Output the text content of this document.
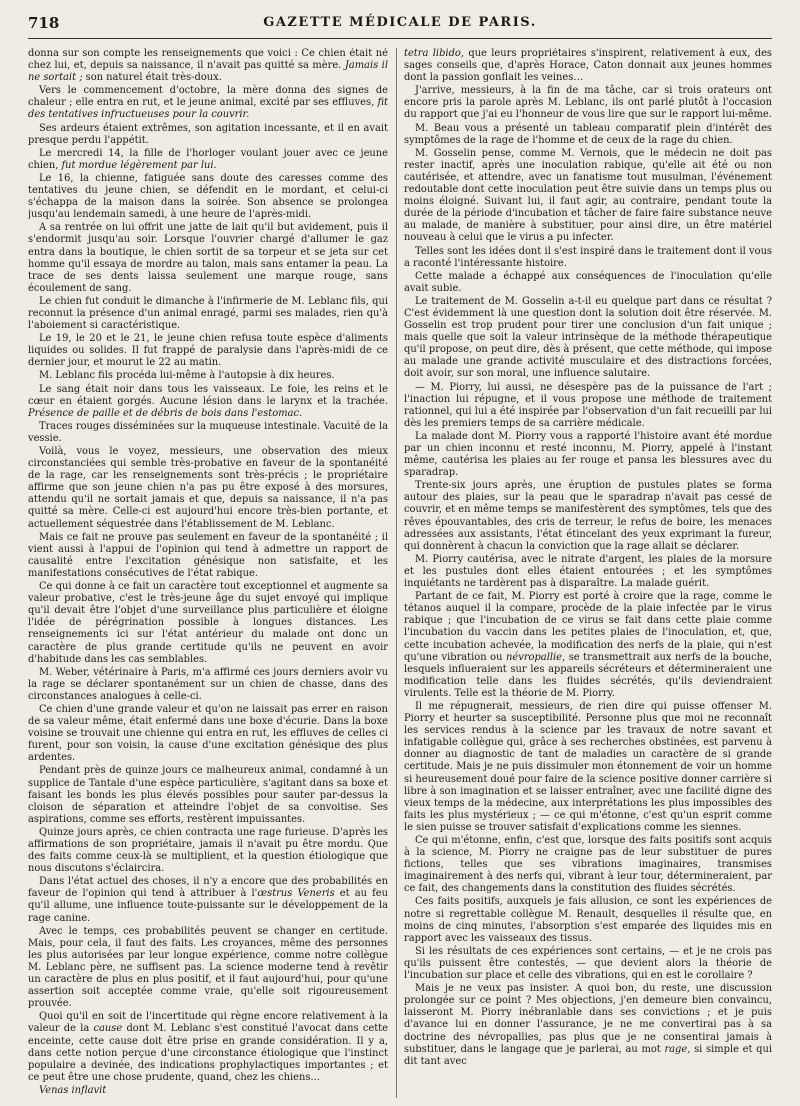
718	GAZETTE MÉDICALE DE PARIS.

donna sur son compte les renseignements que voici : Ce chien était né chez lui, et, depuis sa naissance, il n'avait pas quitté sa mère. Jamais il ne sortait ; son naturel était très-doux.

Vers le commencement d'octobre, la mère donna des signes de chaleur ; elle entra en rut, et le jeune animal, excité par ses effluves, fit des tentatives infructueuses pour la couvrir.

Ses ardeurs étaient extrêmes, son agitation incessante, et il en avait presque perdu l'appétit.

Le mercredi 14, la fille de l'horloger voulant jouer avec ce jeune chien, fut mordue légèrement par lui.

Le 16, la chienne, fatiguée sans doute des caresses comme des tentatives du jeune chien, se défendit en le mordant, et celui-ci s'échappa de la maison dans la soirée. Son absence se prolongea jusqu'au lendemain samedi, à une heure de l'après-midi.

A sa rentrée on lui offrit une jatte de lait qu'il but avidement, puis il s'endormit jusqu'au soir. Lorsque l'ouvrier chargé d'allumer le gaz entra dans la boutique, le chien sortit de sa torpeur et se jeta sur cet homme qu'il essaya de mordre au talon, mais sans entamer la peau. La trace de ses dents laissa seulement une marque rouge, sans écoulement de sang.

Le chien fut conduit le dimanche à l'infirmerie de M. Leblanc fils, qui reconnut la présence d'un animal enragé, parmi ses malades, rien qu'à l'aboiement si caractéristique.

Le 19, le 20 et le 21, le jeune chien refusa toute espèce d'aliments liquides ou solides. Il fut frappé de paralysie dans l'après-midi de ce dernier jour, et mourut le 22 au matin.

M. Leblanc fils procéda lui-même à l'autopsie à dix heures.

Le sang était noir dans tous les vaisseaux. Le foie, les reins et le cœur en étaient gorgés. Aucune lésion dans le larynx et la trachée. Présence de paille et de débris de bois dans l'estomac.

Traces rouges disséminées sur la muqueuse intestinale. Vacuité de la vessie.

Voilà, vous le voyez, messieurs, une observation des mieux circonstanciées qui semble très-probative en faveur de la spontanéité de la rage, car les renseignements sont très-précis ; le propriétaire affirme que son jeune chien n'a pas pu être exposé à des morsures, attendu qu'il ne sortait jamais et que, depuis sa naissance, il n'a pas quitté sa mère. Celle-ci est aujourd'hui encore très-bien portante, et actuellement séquestrée dans l'établissement de M. Leblanc.

Mais ce fait ne prouve pas seulement en faveur de la spontanéité ; il vient aussi à l'appui de l'opinion qui tend à admettre un rapport de causalité entre l'excitation génésique non satisfaite, et les manifestations consécutives de l'état rabique.

Ce qui donne à ce fait un caractère tout exceptionnel et augmente sa valeur probative, c'est le très-jeune âge du sujet envoyé qui implique qu'il devait être l'objet d'une surveillance plus particulière et éloigne l'idée de pérégrination possible à longues distances. Les renseignements ici sur l'état antérieur du malade ont donc un caractère de plus grande certitude qu'ils ne peuvent en avoir d'habitude dans les cas semblables.

M. Weber, vétérinaire à Paris, m'a affirmé ces jours derniers avoir vu la rage se déclarer spontanément sur un chien de chasse, dans des circonstances analogues à celle-ci.

Ce chien d'une grande valeur et qu'on ne laissait pas errer en raison de sa valeur même, était enfermé dans une boxe d'écurie. Dans la boxe voisine se trouvait une chienne qui entra en rut, les effluves de celles ci furent, pour son voisin, la cause d'une excitation génésique des plus ardentes.

Pendant près de quinze jours ce malheureux animal, condamné à un supplice de Tantale d'une espèce particulière, s'agitant dans sa boxe et faisant les bonds les plus élevés possibles pour sauter par-dessus la cloison de séparation et atteindre l'objet de sa convoitise. Ses aspirations, comme ses efforts, restèrent impuissantes.

Quinze jours après, ce chien contracta une rage furieuse. D'après les affirmations de son propriétaire, jamais il n'avait pu être mordu. Que des faits comme ceux-là se multiplient, et la question étiologique que nous discutons s'éclaircira.

Dans l'état actuel des choses, il n'y a encore que des probabilités en faveur de l'opinion qui tend à attribuer à l'œstrus Veneris et au feu qu'il allume, une influence toute-puissante sur le développement de la rage canine.

Avec le temps, ces probabilités peuvent se changer en certitude. Mais, pour cela, il faut des faits. Les croyances, même des personnes les plus autorisées par leur longue expérience, comme notre collègue M. Leblanc père, ne suffisent pas. La science moderne tend à revêtir un caractère de plus en plus positif, et il faut aujourd'hui, pour qu'une assertion soit acceptée comme vraie, qu'elle soit rigoureusement prouvée.

Quoi qu'il en soit de l'incertitude qui règne encore relativement à la valeur de la cause dont M. Leblanc s'est constitué l'avocat dans cette enceinte, cette cause doit être prise en grande considération. Il y a, dans cette notion perçue d'une circonstance étiologique que l'instinct populaire a devinée, des indications prophylactiques importantes ; et ce peut être une chose prudente, quand, chez les chiens…

Venas inflavit

tetra libido, que leurs propriétaires s'inspirent, relativement à eux, des sages conseils que, d'après Horace, Caton donnait aux jeunes hommes dont la passion gonflait les veines…

J'arrive, messieurs, à la fin de ma tâche, car si trois orateurs ont encore pris la parole après M. Leblanc, ils ont parlé plutôt à l'occasion du rapport que j'ai eu l'honneur de vous lire que sur le rapport lui-même.

M. Beau vous a présenté un tableau comparatif plein d'intérêt des symptômes de la rage de l'homme et de ceux de la rage du chien.

M. Gosselin pense, comme M. Vernois, que le médecin ne doit pas rester inactif, après une inoculation rabique, qu'elle ait été ou non cautérisée, et attendre, avec un fanatisme tout musulman, l'événement redoutable dont cette inoculation peut être suivie dans un temps plus ou moins éloigné. Suivant lui, il faut agir, au contraire, pendant toute la durée de la période d'incubation et tâcher de faire faire substance neuve au malade, de manière à substituer, pour ainsi dire, un être matériel nouveau à celui que le virus a pu infecter.

Telles sont les idées dont il s'est inspiré dans le traitement dont il vous a raconté l'intéressante histoire.

Cette malade a échappé aux conséquences de l'inoculation qu'elle avait subie.

Le traitement de M. Gosselin a-t-il eu quelque part dans ce résultat ? C'est évidemment là une question dont la solution doit être réservée. M. Gosselin est trop prudent pour tirer une conclusion d'un fait unique ; mais quelle que soit la valeur intrinsèque de la méthode thérapeutique qu'il propose, on peut dire, dès à présent, que cette méthode, qui impose au malade une grande activité musculaire et des distractions forcées, doit avoir, sur son moral, une influence salutaire.

— M. Piorry, lui aussi, ne désespère pas de la puissance de l'art ; l'inaction lui répugne, et il vous propose une méthode de traitement rationnel, qui lui a été inspirée par l'observation d'un fait recueilli par lui dès les premiers temps de sa carrière médicale.

La malade dont M. Piorry vous a rapporté l'histoire avant été mordue par un chien inconnu et resté inconnu, M. Piorry, appelé à l'instant même, cautérisa les plaies au fer rouge et pansa les blessures avec du sparadrap.

Trente-six jours après, une éruption de pustules plates se forma autour des plaies, sur la peau que le sparadrap n'avait pas cessé de couvrir, et en même temps se manifestèrent des symptômes, tels que des rêves épouvantables, des cris de terreur, le refus de boire, les menaces adressées aux assistants, l'état étincelant des yeux exprimant la fureur, qui donnèrent à chacun la conviction que la rage allait se déclarer.

M. Piorry cautérisa, avec le nitrate d'argent, les plaies de la morsure et les pustules dont elles étaient entourées ; et les symptômes inquiétants ne tardèrent pas à disparaître. La malade guérit.

Partant de ce fait, M. Piorry est porté à croire que la rage, comme le tétanos auquel il la compare, procède de la plaie infectée par le virus rabique ; que l'incubation de ce virus se fait dans cette plaie comme l'incubation du vaccin dans les petites plaies de l'inoculation, et, que, cette incubation achevée, la modification des nerfs de la plaie, qui n'est qu'une vibration ou névropallie, se transmettrait aux nerfs de la bouche, lesquels influeraient sur les appareils sécréteurs et détermineraient une modification telle dans les fluides sécrétés, qu'ils deviendraient virulents. Telle est la théorie de M. Piorry.

Il me répugnerait, messieurs, de rien dire qui puisse offenser M. Piorry et heurter sa susceptibilité. Personne plus que moi ne reconnaît les services rendus à la science par les travaux de notre savant et infatigable collègue qui, grâce à ses recherches obstinées, est parvenu à donner au diagnostic de tant de maladies un caractère de si grande certitude. Mais je ne puis dissimuler mon étonnement de voir un homme si heureusement doué pour faire de la science positive donner carrière si libre à son imagination et se laisser entraîner, avec une facilité digne des vieux temps de la médecine, aux interprétations les plus impossibles des faits les plus mystérieux ; — ce qui m'étonne, c'est qu'un esprit comme le sien puisse se trouver satisfait d'explications comme les siennes.

Ce qui m'étonne, enfin, c'est que, lorsque des faits positifs sont acquis à la science, M. Piorry ne craigne pas de leur substituer de pures fictions, telles que ses vibrations imaginaires, transmises imaginairement à des nerfs qui, vibrant à leur tour, détermineraient, par ce fait, des changements dans la constitution des fluides sécrétés.

Ces faits positifs, auxquels je fais allusion, ce sont les expériences de notre si regrettable collègue M. Renault, desquelles il résulte que, en moins de cinq minutes, l'absorption s'est emparée des liquides mis en rapport avec les vaisseaux des tissus.

Si les résultats de ces expériences sont certains, — et je ne crois pas qu'ils puissent être contestés, — que devient alors la théorie de l'incubation sur place et celle des vibrations, qui en est le corollaire ?

Mais je ne veux pas insister. A quoi bon, du reste, une discussion prolongée sur ce point ? Mes objections, j'en demeure bien convaincu, laisseront M. Piorry inébranlable dans ses convictions ; et je puis d'avance lui en donner l'assurance, je ne me convertirai pas à sa doctrine des névropallies, pas plus que je ne consentirai jamais à substituer, dans le langage que je parlerai, au mot rage, si simple et qui dit tant avec
